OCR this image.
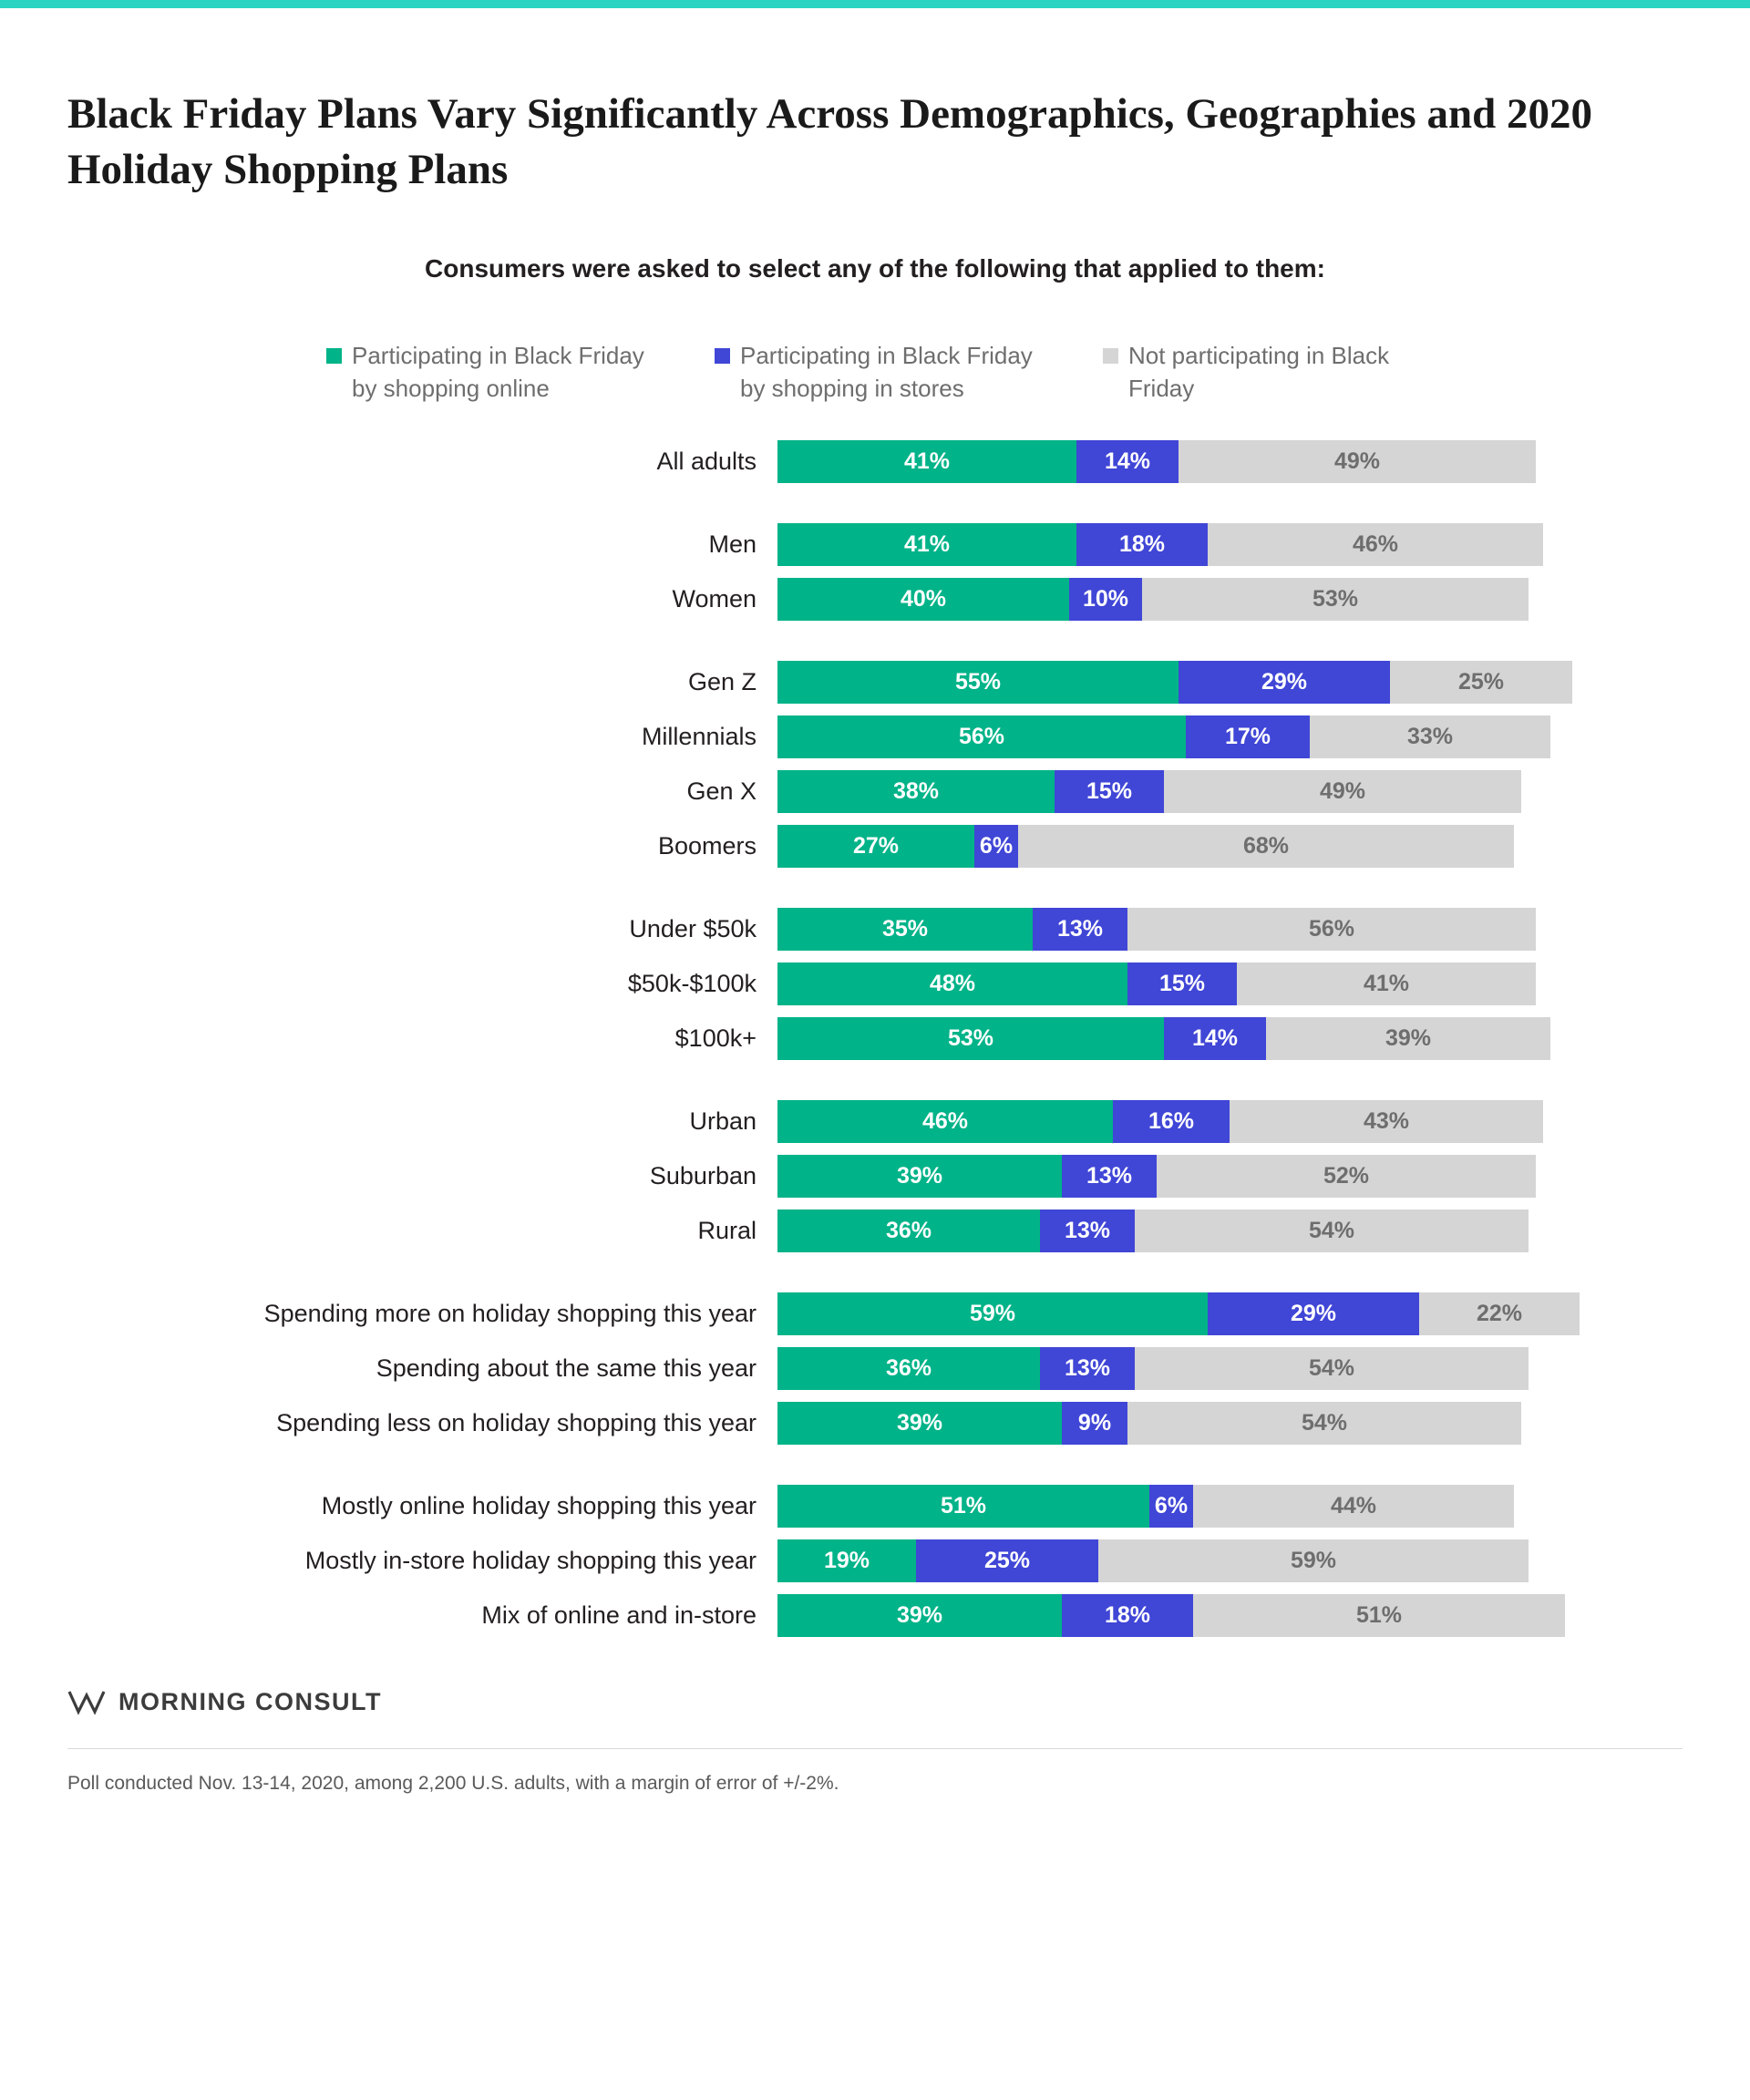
Black Friday Plans Vary Significantly Across Demographics, Geographies and 2020 Holiday Shopping Plans
Consumers were asked to select any of the following that applied to them:
Participating in Black Friday by shopping online
Participating in Black Friday by shopping in stores
Not participating in Black Friday
All adults	41%	14%	49%
Men	41%	18%	46%
Women	40%	10%	53%
Gen Z	55%	29%	25%
Millennials	56%	17%	33%
Gen X	38%	15%	49%
Boomers	27%	6%	68%
Under $50k	35%	13%	56%
$50k-$100k	48%	15%	41%
$100k+	53%	14%	39%
Urban	46%	16%	43%
Suburban	39%	13%	52%
Rural	36%	13%	54%
Spending more on holiday shopping this year	59%	29%	22%
Spending about the same this year	36%	13%	54%
Spending less on holiday shopping this year	39%	9%	54%
Mostly online holiday shopping this year	51%	6%	44%
Mostly in-store holiday shopping this year	19%	25%	59%
Mix of online and in-store	39%	18%	51%
MORNING CONSULT
Poll conducted Nov. 13-14, 2020, among 2,200 U.S. adults, with a margin of error of +/-2%.
